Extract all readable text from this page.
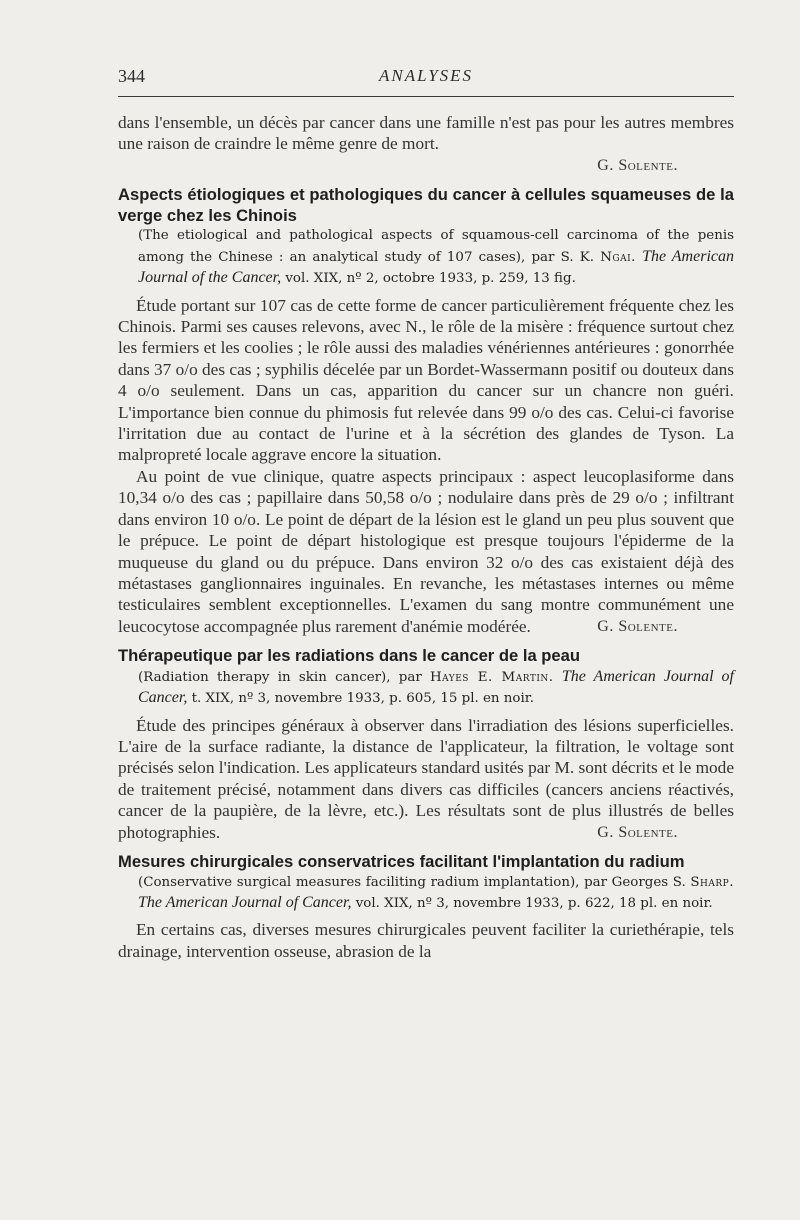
344	ANALYSES

dans l'ensemble, un décès par cancer dans une famille n'est pas pour les autres membres une raison de craindre le même genre de mort.
G. Solente.

Aspects étiologiques et pathologiques du cancer à cellules squameuses de la verge chez les Chinois

(The etiological and pathological aspects of squamous-cell carcinoma of the penis among the Chinese : an analytical study of 107 cases), par S. K. Ngai. The American Journal of the Cancer, vol. XIX, nº 2, octobre 1933, p. 259, 13 fig.

Étude portant sur 107 cas de cette forme de cancer particulièrement fréquente chez les Chinois. Parmi ses causes relevons, avec N., le rôle de la misère : fréquence surtout chez les fermiers et les coolies ; le rôle aussi des maladies vénériennes antérieures : gonorrhée dans 37 o/o des cas ; syphilis décelée par un Bordet-Wassermann positif ou douteux dans 4 o/o seulement. Dans un cas, apparition du cancer sur un chancre non guéri. L'importance bien connue du phimosis fut relevée dans 99 o/o des cas. Celui-ci favorise l'irritation due au contact de l'urine et à la sécrétion des glandes de Tyson. La malpropreté locale aggrave encore la situation.

Au point de vue clinique, quatre aspects principaux : aspect leucoplasiforme dans 10,34 o/o des cas ; papillaire dans 50,58 o/o ; nodulaire dans près de 29 o/o ; infiltrant dans environ 10 o/o. Le point de départ de la lésion est le gland un peu plus souvent que le prépuce. Le point de départ histologique est presque toujours l'épiderme de la muqueuse du gland ou du prépuce. Dans environ 32 o/o des cas existaient déjà des métastases ganglionnaires inguinales. En revanche, les métastases internes ou même testiculaires semblent exceptionnelles. L'examen du sang montre communément une leucocytose accompagnée plus rarement d'anémie modérée.	G. Solente.

Thérapeutique par les radiations dans le cancer de la peau

(Radiation therapy in skin cancer), par Hayes E. Martin. The American Journal of Cancer, t. XIX, nº 3, novembre 1933, p. 605, 15 pl. en noir.

Étude des principes généraux à observer dans l'irradiation des lésions superficielles. L'aire de la surface radiante, la distance de l'applicateur, la filtration, le voltage sont précisés selon l'indication. Les applicateurs standard usités par M. sont décrits et le mode de traitement précisé, notamment dans divers cas difficiles (cancers anciens réactivés, cancer de la paupière, de la lèvre, etc.). Les résultats sont de plus illustrés de belles photographies.	G. Solente.

Mesures chirurgicales conservatrices facilitant l'implantation du radium

(Conservative surgical measures faciliting radium implantation), par Georges S. Sharp. The American Journal of Cancer, vol. XIX, nº 3, novembre 1933, p. 622, 18 pl. en noir.

En certains cas, diverses mesures chirurgicales peuvent faciliter la curiethérapie, tels drainage, intervention osseuse, abrasion de la
